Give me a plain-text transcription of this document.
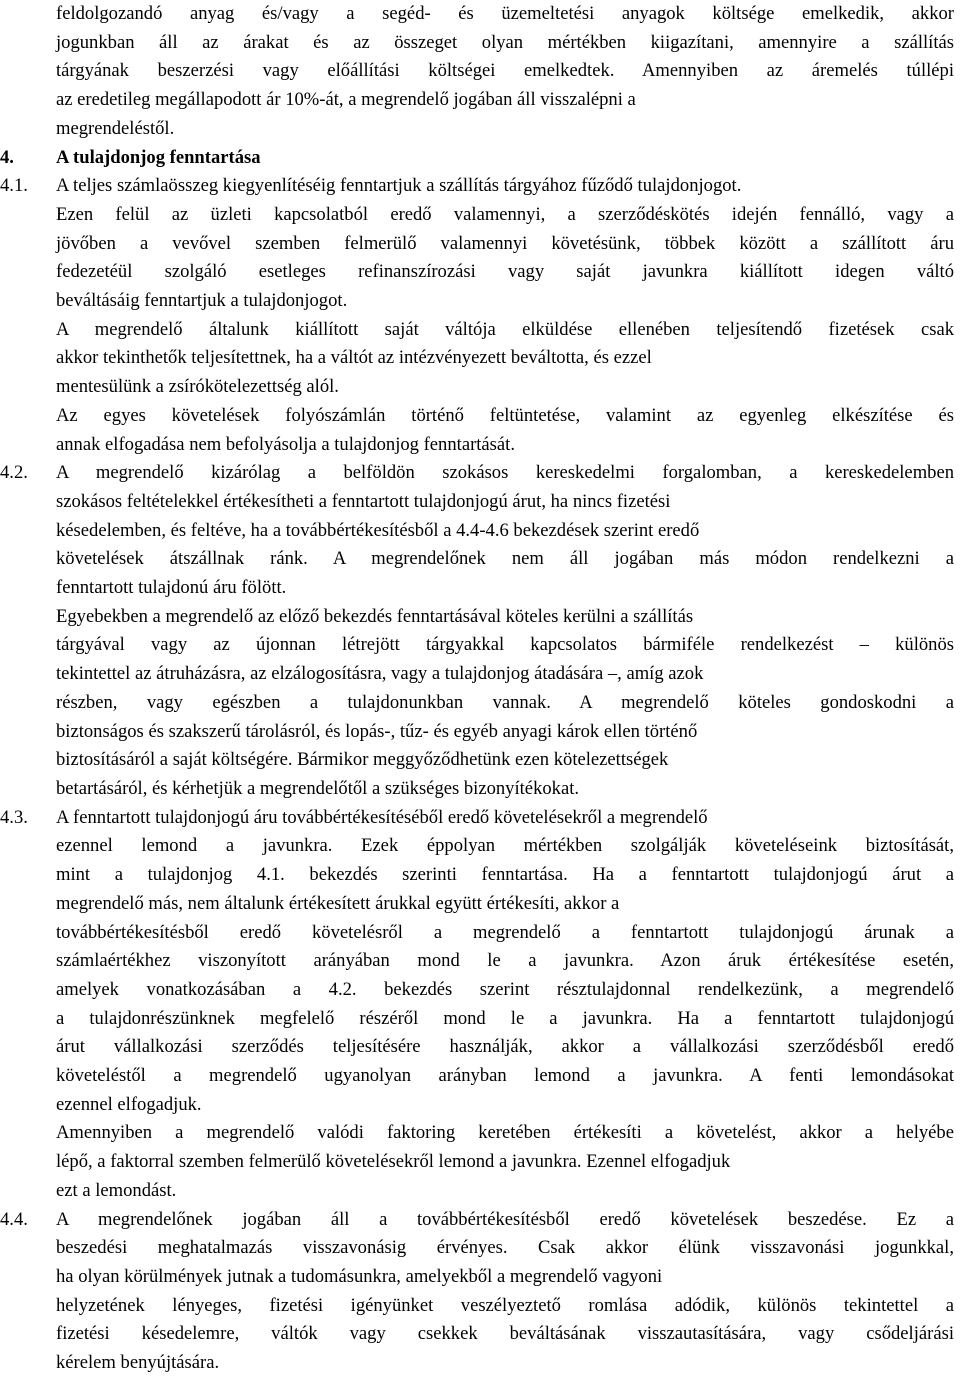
feldolgozandó anyag és/vagy a segéd- és üzemeltetési anyagok költsége emelkedik, akkor
jogunkban áll az árakat és az összeget olyan mértékben kiigazítani, amennyire a szállítás
tárgyának beszerzési vagy előállítási költségei emelkedtek. Amennyiben az áremelés túllépi
az eredetileg megállapodott ár 10%-át, a megrendelő jogában áll visszalépni a
megrendeléstől.
4.	A tulajdonjog fenntartása
4.1.	A teljes számlaösszeg kiegyenlítéséig fenntartjuk a szállítás tárgyához fűződő tulajdonjogot.
Ezen felül az üzleti kapcsolatból eredő valamennyi, a szerződéskötés idején fennálló, vagy a
jövőben a vevővel szemben felmerülő valamennyi követésünk, többek között a szállított áru
fedezetéül szolgáló esetleges refinanszírozási vagy saját javunkra kiállított idegen váltó
beváltásáig fenntartjuk a tulajdonjogot.
A megrendelő általunk kiállított saját váltója elküldése ellenében teljesítendő fizetések csak
akkor tekinthetők teljesítettnek, ha a váltót az intézvényezett beváltotta, és ezzel
mentesülünk a zsírókötelezettség alól.
Az egyes követelések folyószámlán történő feltüntetése, valamint az egyenleg elkészítése és
annak elfogadása nem befolyásolja a tulajdonjog fenntartását.
4.2.	A megrendelő kizárólag a belföldön szokásos kereskedelmi forgalomban, a kereskedelemben
szokásos feltételekkel értékesítheti a fenntartott tulajdonjogú árut, ha nincs fizetési
késedelemben, és feltéve, ha a továbbértékesítésből a 4.4-4.6 bekezdések szerint eredő
követelések átszállnak ránk. A megrendelőnek nem áll jogában más módon rendelkezni a
fenntartott tulajdonú áru fölött.
Egyebekben a megrendelő az előző bekezdés fenntartásával köteles kerülni a szállítás
tárgyával vagy az újonnan létrejött tárgyakkal kapcsolatos bármiféle rendelkezést – különös
tekintettel az átruházásra, az elzálogosításra, vagy a tulajdonjog átadására –, amíg azok
részben, vagy egészben a tulajdonunkban vannak. A megrendelő köteles gondoskodni a
biztonságos és szakszerű tárolásról, és lopás-, tűz- és egyéb anyagi károk ellen történő
biztosításáról a saját költségére. Bármikor meggyőződhetünk ezen kötelezettségek
betartásáról, és kérhetjük a megrendelőtől a szükséges bizonyítékokat.
4.3.	A fenntartott tulajdonjogú áru továbbértékesítéséből eredő követelésekről a megrendelő
ezennel lemond a javunkra. Ezek éppolyan mértékben szolgálják követeléseink biztosítását,
mint a tulajdonjog 4.1. bekezdés szerinti fenntartása. Ha a fenntartott tulajdonjogú árut a
megrendelő más, nem általunk értékesített árukkal együtt értékesíti, akkor a
továbbértékesítésből eredő követelésről a megrendelő a fenntartott tulajdonjogú árunak a
számlaértékhez viszonyított arányában mond le a javunkra. Azon áruk értékesítése esetén,
amelyek vonatkozásában a 4.2. bekezdés szerint résztulajdonnal rendelkezünk, a megrendelő
a tulajdonrészünknek megfelelő részéről mond le a javunkra. Ha a fenntartott tulajdonjogú
árut vállalkozási szerződés teljesítésére használják, akkor a vállalkozási szerződésből eredő
követeléstől a megrendelő ugyanolyan arányban lemond a javunkra. A fenti lemondásokat
ezennel elfogadjuk.
Amennyiben a megrendelő valódi faktoring keretében értékesíti a követelést, akkor a helyébe
lépő, a faktorral szemben felmerülő követelésekről lemond a javunkra. Ezennel elfogadjuk
ezt a lemondást.
4.4.	A megrendelőnek jogában áll a továbbértékesítésből eredő követelések beszedése. Ez a
beszedési meghatalmazás visszavonásig érvényes. Csak akkor élünk visszavonási jogunkkal,
ha olyan körülmények jutnak a tudomásunkra, amelyekből a megrendelő vagyoni
helyzetének lényeges, fizetési igényünket veszélyeztető romlása adódik, különös tekintettel a
fizetési késedelemre, váltók vagy csekkek beváltásának visszautasítására, vagy csődeljárási
kérelem benyújtására.
